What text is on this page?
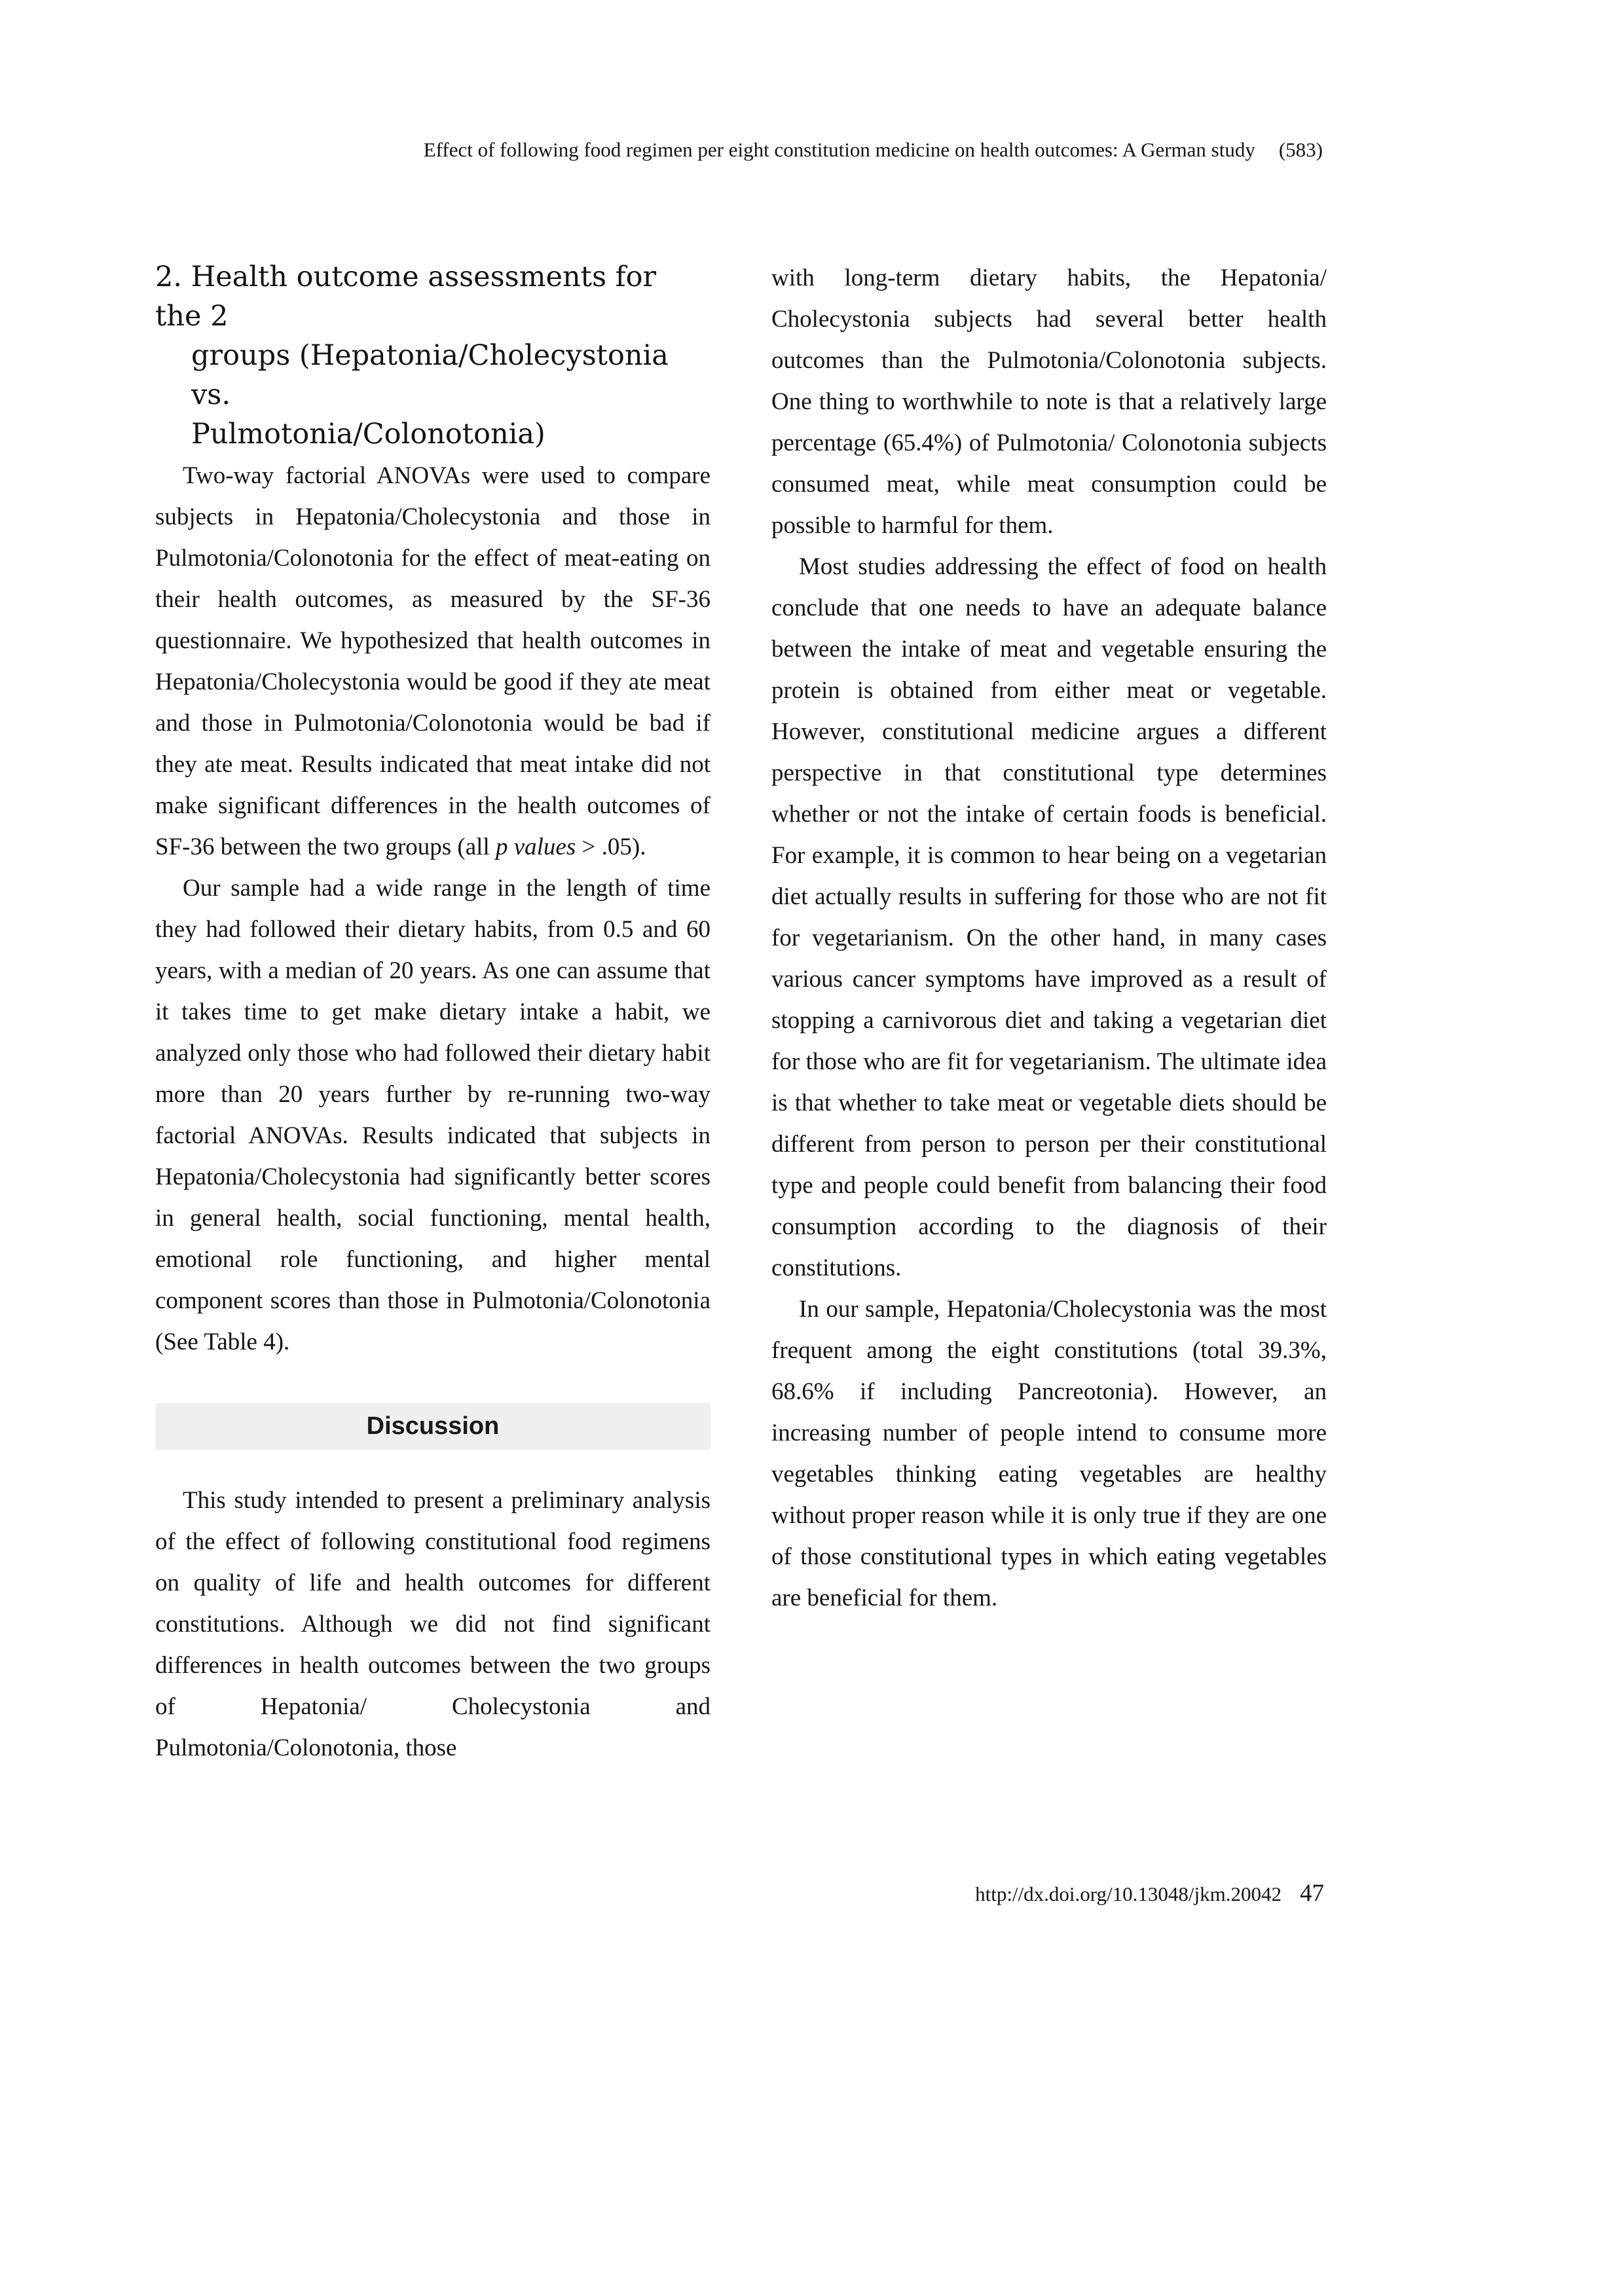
Effect of following food regimen per eight constitution medicine on health outcomes: A German study (583)
2. Health outcome assessments for the 2
groups (Hepatonia/Cholecystonia vs.
Pulmotonia/Colonotonia)

Two-way factorial ANOVAs were used to compare subjects in Hepatonia/Cholecystonia and those in Pulmotonia/Colonotonia for the effect of meat-eating on their health outcomes, as measured by the SF-36 questionnaire. We hypothesized that health outcomes in Hepatonia/Cholecystonia would be good if they ate meat and those in Pulmotonia/Colonotonia would be bad if they ate meat. Results indicated that meat intake did not make significant differences in the health outcomes of SF-36 between the two groups (all p values > .05).

Our sample had a wide range in the length of time they had followed their dietary habits, from 0.5 and 60 years, with a median of 20 years. As one can assume that it takes time to get make dietary intake a habit, we analyzed only those who had followed their dietary habit more than 20 years further by re-running two-way factorial ANOVAs. Results indicated that subjects in Hepatonia/Cholecystonia had significantly better scores in general health, social functioning, mental health, emotional role functioning, and higher mental component scores than those in Pulmotonia/Colonotonia (See Table 4).

Discussion

This study intended to present a preliminary analysis of the effect of following constitutional food regimens on quality of life and health outcomes for different constitutions. Although we did not find significant differences in health outcomes between the two groups of Hepatonia/ Cholecystonia and Pulmotonia/Colonotonia, those

with long-term dietary habits, the Hepatonia/ Cholecystonia subjects had several better health outcomes than the Pulmotonia/Colonotonia subjects. One thing to worthwhile to note is that a relatively large percentage (65.4%) of Pulmotonia/ Colonotonia subjects consumed meat, while meat consumption could be possible to harmful for them.

Most studies addressing the effect of food on health conclude that one needs to have an adequate balance between the intake of meat and vegetable ensuring the protein is obtained from either meat or vegetable. However, constitutional medicine argues a different perspective in that constitutional type determines whether or not the intake of certain foods is beneficial. For example, it is common to hear being on a vegetarian diet actually results in suffering for those who are not fit for vegetarianism. On the other hand, in many cases various cancer symptoms have improved as a result of stopping a carnivorous diet and taking a vegetarian diet for those who are fit for vegetarianism. The ultimate idea is that whether to take meat or vegetable diets should be different from person to person per their constitutional type and people could benefit from balancing their food consumption according to the diagnosis of their constitutions.

In our sample, Hepatonia/Cholecystonia was the most frequent among the eight constitutions (total 39.3%, 68.6% if including Pancreotonia). However, an increasing number of people intend to consume more vegetables thinking eating vegetables are healthy without proper reason while it is only true if they are one of those constitutional types in which eating vegetables are beneficial for them.

http://dx.doi.org/10.13048/jkm.20042 47
